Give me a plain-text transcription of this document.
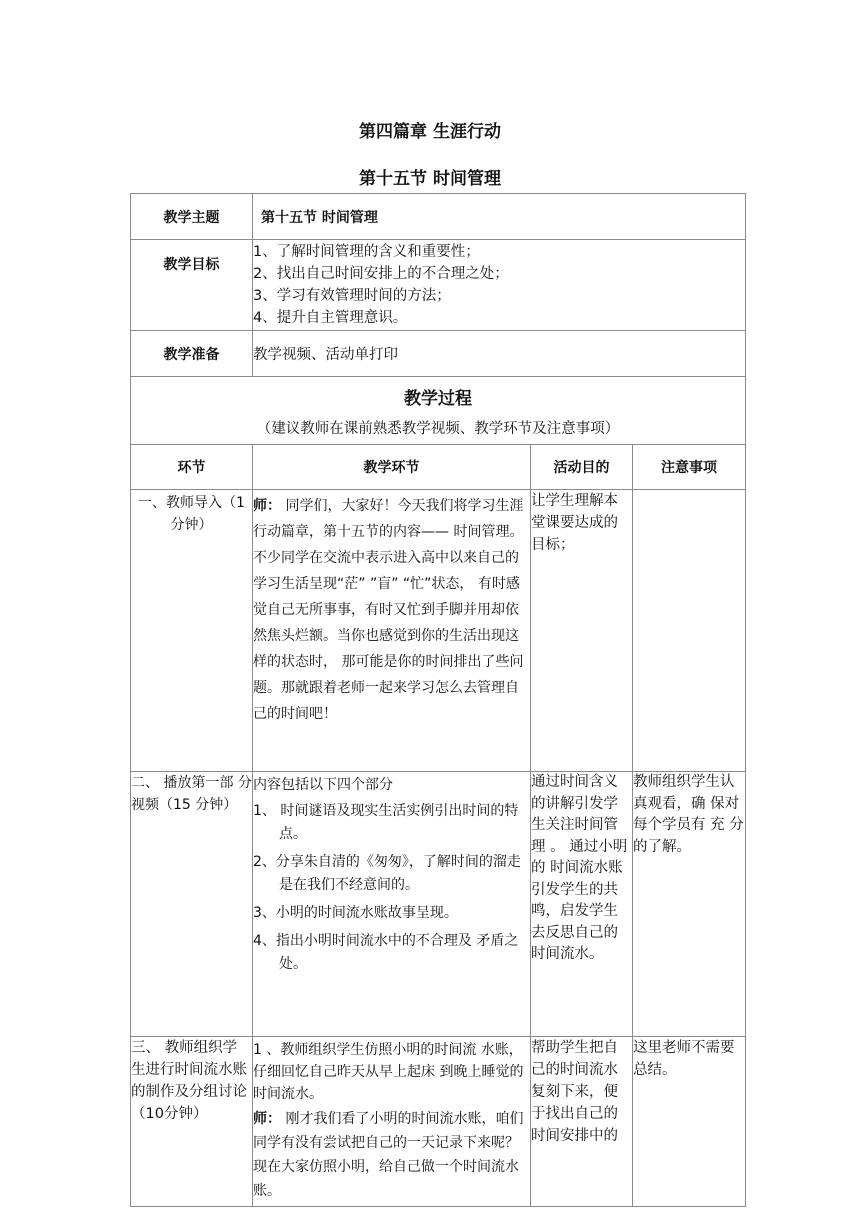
第四篇章 生涯行动
第十五节 时间管理
教学主题	第十五节 时间管理		
教学目标	1、了解时间管理的含义和重要性；
2、找出自己时间安排上的不合理之处；
3、学习有效管理时间的方法；
4、提升自主管理意识。		

教学准备	教学视频、活动单打印		

教学过程
（建议教师在课前熟悉教学视频、教学环节及注意事项）			

环节	教学环节	活动目的	注意事项
一、教师导入（1 分钟）	师： 同学们，大家好！今天我们将学习生涯行动篇章，第十五节的内容—— 时间管理。 不少同学在交流中表示进入高中以来自己的学习生活呈现“茫” ”盲” “忙”状态， 有时感觉自己无所事事，有时又忙到手脚并用却依然焦头烂额。当你也感觉到你的生活出现这样的状态时， 那可能是你的时间排出了些问题。那就跟着老师一起来学习怎么去管理自己的时间吧！	让学生理解本堂课要达成的目标；	
二、 播放第一部 分视频（15 分钟）	内容包括以下四个部分
1、 时间谜语及现实生活实例引出时间的特点。
2、分享朱自清的《匆匆》，了解时间的溜走是在我们不经意间的。
3、小明的时间流水账故事呈现。
4、指出小明时间流水中的不合理及 矛盾之处。	通过时间含义的讲解引发学生关注时间管理 。 通过小明的 时间流水账 引发学生的共鸣，启发学生去反思自己的时间流水。	教师组织学生认真观看，确 保对每个学员有 充 分的了解。
三、 教师组织学 生进行时间流水账的制作及分组讨论（10分钟）	1 、教师组织学生仿照小明的时间流 水账，仔细回忆自己昨天从早上起床 到晚上睡觉的时间流水。
师： 刚才我们看了小明的时间流水账，咱们同学有没有尝试把自己的一天记录下来呢？ 现在大家仿照小明，给自己做一个时间流水账。	帮助学生把自己的时间流水复刻下来，便于找出自己的时间安排中的	这里老师不需要总结。
